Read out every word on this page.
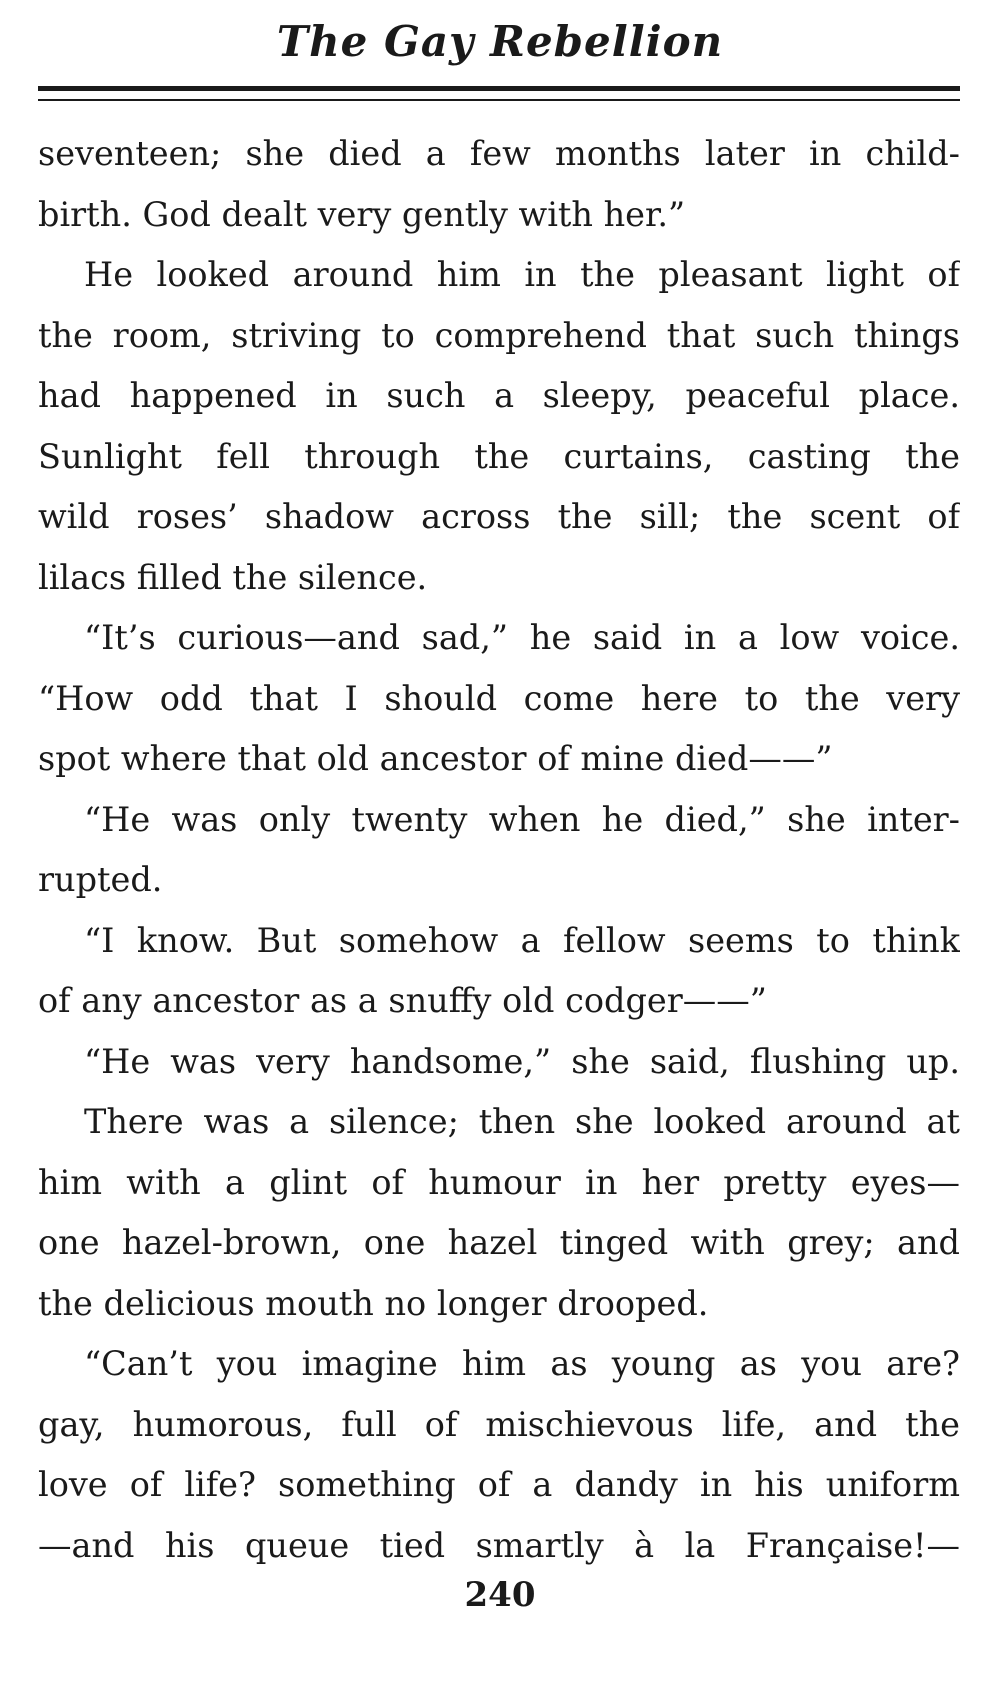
The Gay Rebellion
seventeen; she died a few months later in child-
birth. God dealt very gently with her.”
He looked around him in the pleasant light of
the room, striving to comprehend that such things
had happened in such a sleepy, peaceful place.
Sunlight fell through the curtains, casting the
wild roses’ shadow across the sill; the scent of
lilacs filled the silence.
“It’s curious—and sad,” he said in a low voice.
“How odd that I should come here to the very
spot where that old ancestor of mine died——”
“He was only twenty when he died,” she inter-
rupted.
“I know. But somehow a fellow seems to think
of any ancestor as a snuffy old codger——”
“He was very handsome,” she said, flushing up.
There was a silence; then she looked around at
him with a glint of humour in her pretty eyes—
one hazel-brown, one hazel tinged with grey; and
the delicious mouth no longer drooped.
“Can’t you imagine him as young as you are?
gay, humorous, full of mischievous life, and the
love of life? something of a dandy in his uniform
—and his queue tied smartly à la Française!—
240
